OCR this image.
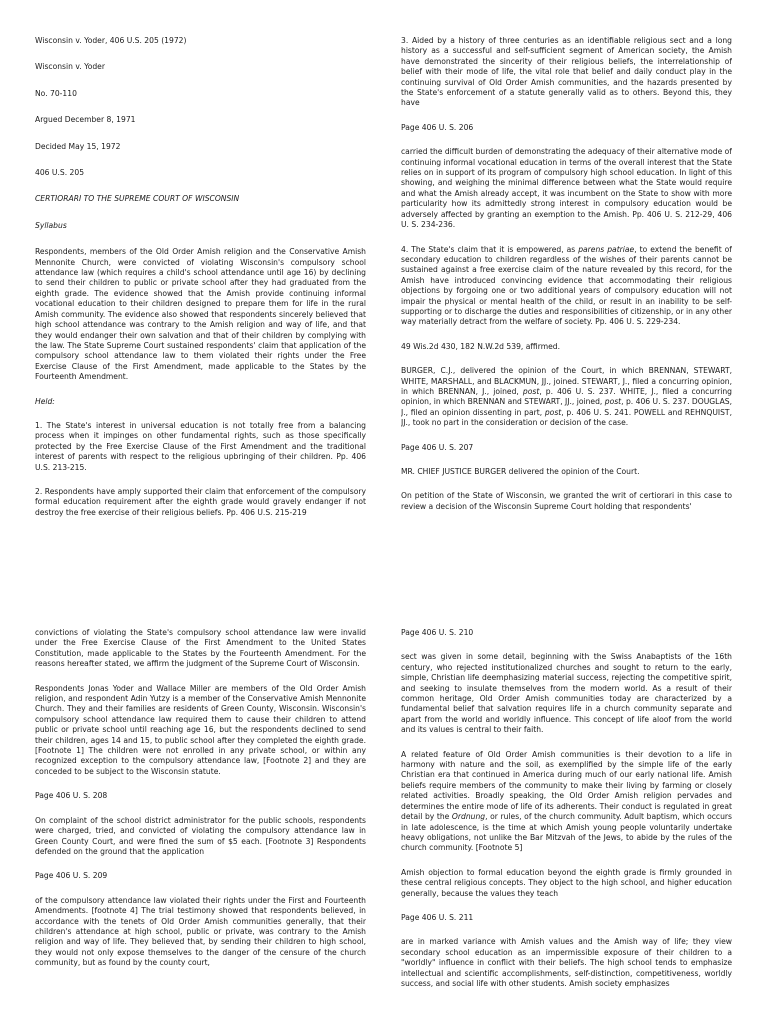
Wisconsin v. Yoder, 406 U.S. 205 (1972)

Wisconsin v. Yoder

No. 70-110

Argued December 8, 1971

Decided May 15, 1972

406 U.S. 205

CERTIORARI TO THE SUPREME COURT OF WISCONSIN

Syllabus

Respondents, members of the Old Order Amish religion and the Conservative Amish Mennonite Church, were convicted of violating Wisconsin's compulsory school attendance law (which requires a child's school attendance until age 16) by declining to send their children to public or private school after they had graduated from the eighth grade. The evidence showed that the Amish provide continuing informal vocational education to their children designed to prepare them for life in the rural Amish community. The evidence also showed that respondents sincerely believed that high school attendance was contrary to the Amish religion and way of life, and that they would endanger their own salvation and that of their children by complying with the law. The State Supreme Court sustained respondents' claim that application of the compulsory school attendance law to them violated their rights under the Free Exercise Clause of the First Amendment, made applicable to the States by the Fourteenth Amendment.

Held:

1. The State's interest in universal education is not totally free from a balancing process when it impinges on other fundamental rights, such as those specifically protected by the Free Exercise Clause of the First Amendment and the traditional interest of parents with respect to the religious upbringing of their children. Pp. 406 U.S. 213-215.

2. Respondents have amply supported their claim that enforcement of the compulsory formal education requirement after the eighth grade would gravely endanger if not destroy the free exercise of their religious beliefs. Pp. 406 U.S. 215-219

3. Aided by a history of three centuries as an identifiable religious sect and a long history as a successful and self-sufficient segment of American society, the Amish have demonstrated the sincerity of their religious beliefs, the interrelationship of belief with their mode of life, the vital role that belief and daily conduct play in the continuing survival of Old Order Amish communities, and the hazards presented by the State's enforcement of a statute generally valid as to others. Beyond this, they have

Page 406 U. S. 206

carried the difficult burden of demonstrating the adequacy of their alternative mode of continuing informal vocational education in terms of the overall interest that the State relies on in support of its program of compulsory high school education. In light of this showing, and weighing the minimal difference between what the State would require and what the Amish already accept, it was incumbent on the State to show with more particularity how its admittedly strong interest in compulsory education would be adversely affected by granting an exemption to the Amish. Pp. 406 U. S. 212-29, 406 U. S. 234-236.

4. The State's claim that it is empowered, as parens patriae, to extend the benefit of secondary education to children regardless of the wishes of their parents cannot be sustained against a free exercise claim of the nature revealed by this record, for the Amish have introduced convincing evidence that accommodating their religious objections by forgoing one or two additional years of compulsory education will not impair the physical or mental health of the child, or result in an inability to be self-supporting or to discharge the duties and responsibilities of citizenship, or in any other way materially detract from the welfare of society. Pp. 406 U. S. 229-234.

49 Wis.2d 430, 182 N.W.2d 539, affirmed.

BURGER, C.J., delivered the opinion of the Court, in which BRENNAN, STEWART, WHITE, MARSHALL, and BLACKMUN, JJ., joined. STEWART, J., filed a concurring opinion, in which BRENNAN, J., joined, post, p. 406 U. S. 237. WHITE, J., filed a concurring opinion, in which BRENNAN and STEWART, JJ., joined, post, p. 406 U. S. 237. DOUGLAS, J., filed an opinion dissenting in part, post, p. 406 U. S. 241. POWELL and REHNQUIST, JJ., took no part in the consideration or decision of the case.

Page 406 U. S. 207

MR. CHIEF JUSTICE BURGER delivered the opinion of the Court.

On petition of the State of Wisconsin, we granted the writ of certiorari in this case to review a decision of the Wisconsin Supreme Court holding that respondents'

convictions of violating the State's compulsory school attendance law were invalid under the Free Exercise Clause of the First Amendment to the United States Constitution, made applicable to the States by the Fourteenth Amendment. For the reasons hereafter stated, we affirm the judgment of the Supreme Court of Wisconsin.

Respondents Jonas Yoder and Wallace Miller are members of the Old Order Amish religion, and respondent Adin Yutzy is a member of the Conservative Amish Mennonite Church. They and their families are residents of Green County, Wisconsin. Wisconsin's compulsory school attendance law required them to cause their children to attend public or private school until reaching age 16, but the respondents declined to send their children, ages 14 and 15, to public school after they completed the eighth grade. [Footnote 1] The children were not enrolled in any private school, or within any recognized exception to the compulsory attendance law, [Footnote 2] and they are conceded to be subject to the Wisconsin statute.

Page 406 U. S. 208

On complaint of the school district administrator for the public schools, respondents were charged, tried, and convicted of violating the compulsory attendance law in Green County Court, and were fined the sum of $5 each. [Footnote 3] Respondents defended on the ground that the application

Page 406 U. S. 209

of the compulsory attendance law violated their rights under the First and Fourteenth Amendments. [footnote 4] The trial testimony showed that respondents believed, in accordance with the tenets of Old Order Amish communities generally, that their children's attendance at high school, public or private, was contrary to the Amish religion and way of life. They believed that, by sending their children to high school, they would not only expose themselves to the danger of the censure of the church community, but as found by the county court,

Page 406 U. S. 210

sect was given in some detail, beginning with the Swiss Anabaptists of the 16th century, who rejected institutionalized churches and sought to return to the early, simple, Christian life deemphasizing material success, rejecting the competitive spirit, and seeking to insulate themselves from the modern world. As a result of their common heritage, Old Order Amish communities today are characterized by a fundamental belief that salvation requires life in a church community separate and apart from the world and worldly influence. This concept of life aloof from the world and its values is central to their faith.

A related feature of Old Order Amish communities is their devotion to a life in harmony with nature and the soil, as exemplified by the simple life of the early Christian era that continued in America during much of our early national life. Amish beliefs require members of the community to make their living by farming or closely related activities. Broadly speaking, the Old Order Amish religion pervades and determines the entire mode of life of its adherents. Their conduct is regulated in great detail by the Ordnung, or rules, of the church community. Adult baptism, which occurs in late adolescence, is the time at which Amish young people voluntarily undertake heavy obligations, not unlike the Bar Mitzvah of the Jews, to abide by the rules of the church community. [Footnote 5]

Amish objection to formal education beyond the eighth grade is firmly grounded in these central religious concepts. They object to the high school, and higher education generally, because the values they teach

Page 406 U. S. 211

are in marked variance with Amish values and the Amish way of life; they view secondary school education as an impermissible exposure of their children to a "worldly" influence in conflict with their beliefs. The high school tends to emphasize intellectual and scientific accomplishments, self-distinction, competitiveness, worldly success, and social life with other students. Amish society emphasizes
